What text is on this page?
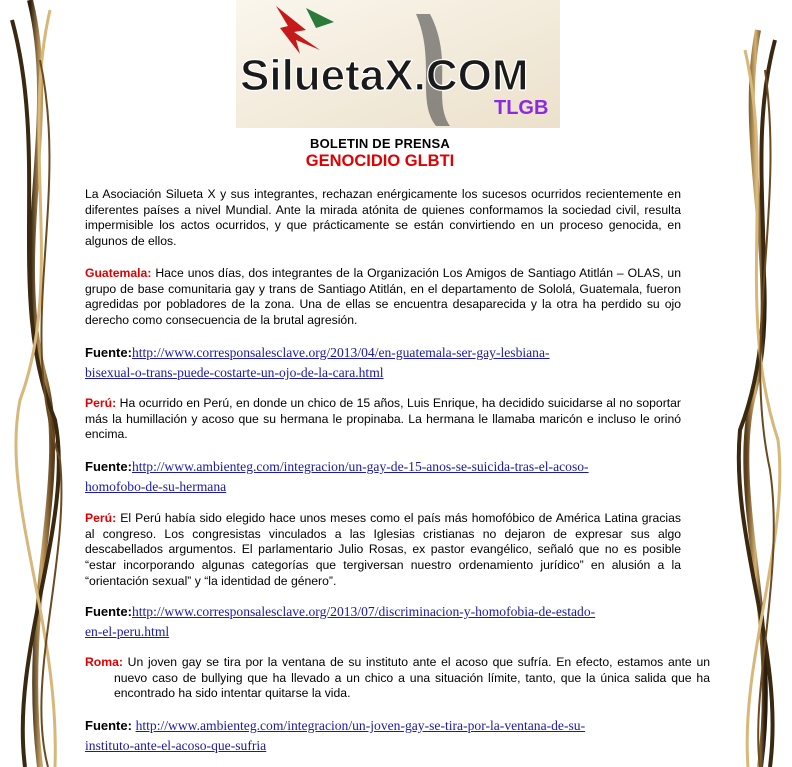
SiluetaX.COM
TLGB
BOLETIN DE PRENSA
GENOCIDIO GLBTI
La Asociación Silueta X y sus integrantes, rechazan enérgicamente los sucesos ocurridos recientemente en diferentes países a nivel Mundial. Ante la mirada atónita de quienes conformamos la sociedad civil, resulta impermisible los actos ocurridos, y que prácticamente se están convirtiendo en un proceso genocida, en algunos de ellos.
Guatemala: Hace unos días, dos integrantes de la Organización Los Amigos de Santiago Atitlán – OLAS, un grupo de base comunitaria gay y trans de Santiago Atitlán, en el departamento de Sololá, Guatemala, fueron agredidas por pobladores de la zona. Una de ellas se encuentra desaparecida y la otra ha perdido su ojo derecho como consecuencia de la brutal agresión.
Fuente:http://www.corresponsalesclave.org/2013/04/en-guatemala-ser-gay-lesbiana-
bisexual-o-trans-puede-costarte-un-ojo-de-la-cara.html
Perú: Ha ocurrido en Perú, en donde un chico de 15 años, Luis Enrique, ha decidido suicidarse al no soportar más la humillación y acoso que su hermana le propinaba. La hermana le llamaba maricón e incluso le orinó encima.
Fuente:http://www.ambienteg.com/integracion/un-gay-de-15-anos-se-suicida-tras-el-acoso-
homofobo-de-su-hermana
Perú: El Perú había sido elegido hace unos meses como el país más homofóbico de América Latina gracias al congreso. Los congresistas vinculados a las Iglesias cristianas no dejaron de expresar sus algo descabellados argumentos. El parlamentario Julio Rosas, ex pastor evangélico, señaló que no es posible “estar incorporando algunas categorías que tergiversan nuestro ordenamiento jurídico” en alusión a la “orientación sexual” y “la identidad de género”.
Fuente:http://www.corresponsalesclave.org/2013/07/discriminacion-y-homofobia-de-estado-
en-el-peru.html
Roma: Un joven gay se tira por la ventana de su instituto ante el acoso que sufría. En efecto, estamos ante un nuevo caso de bullying que ha llevado a un chico a una situación límite, tanto, que la única salida que ha encontrado ha sido intentar quitarse la vida.
Fuente: http://www.ambienteg.com/integracion/un-joven-gay-se-tira-por-la-ventana-de-su-
instituto-ante-el-acoso-que-sufria
